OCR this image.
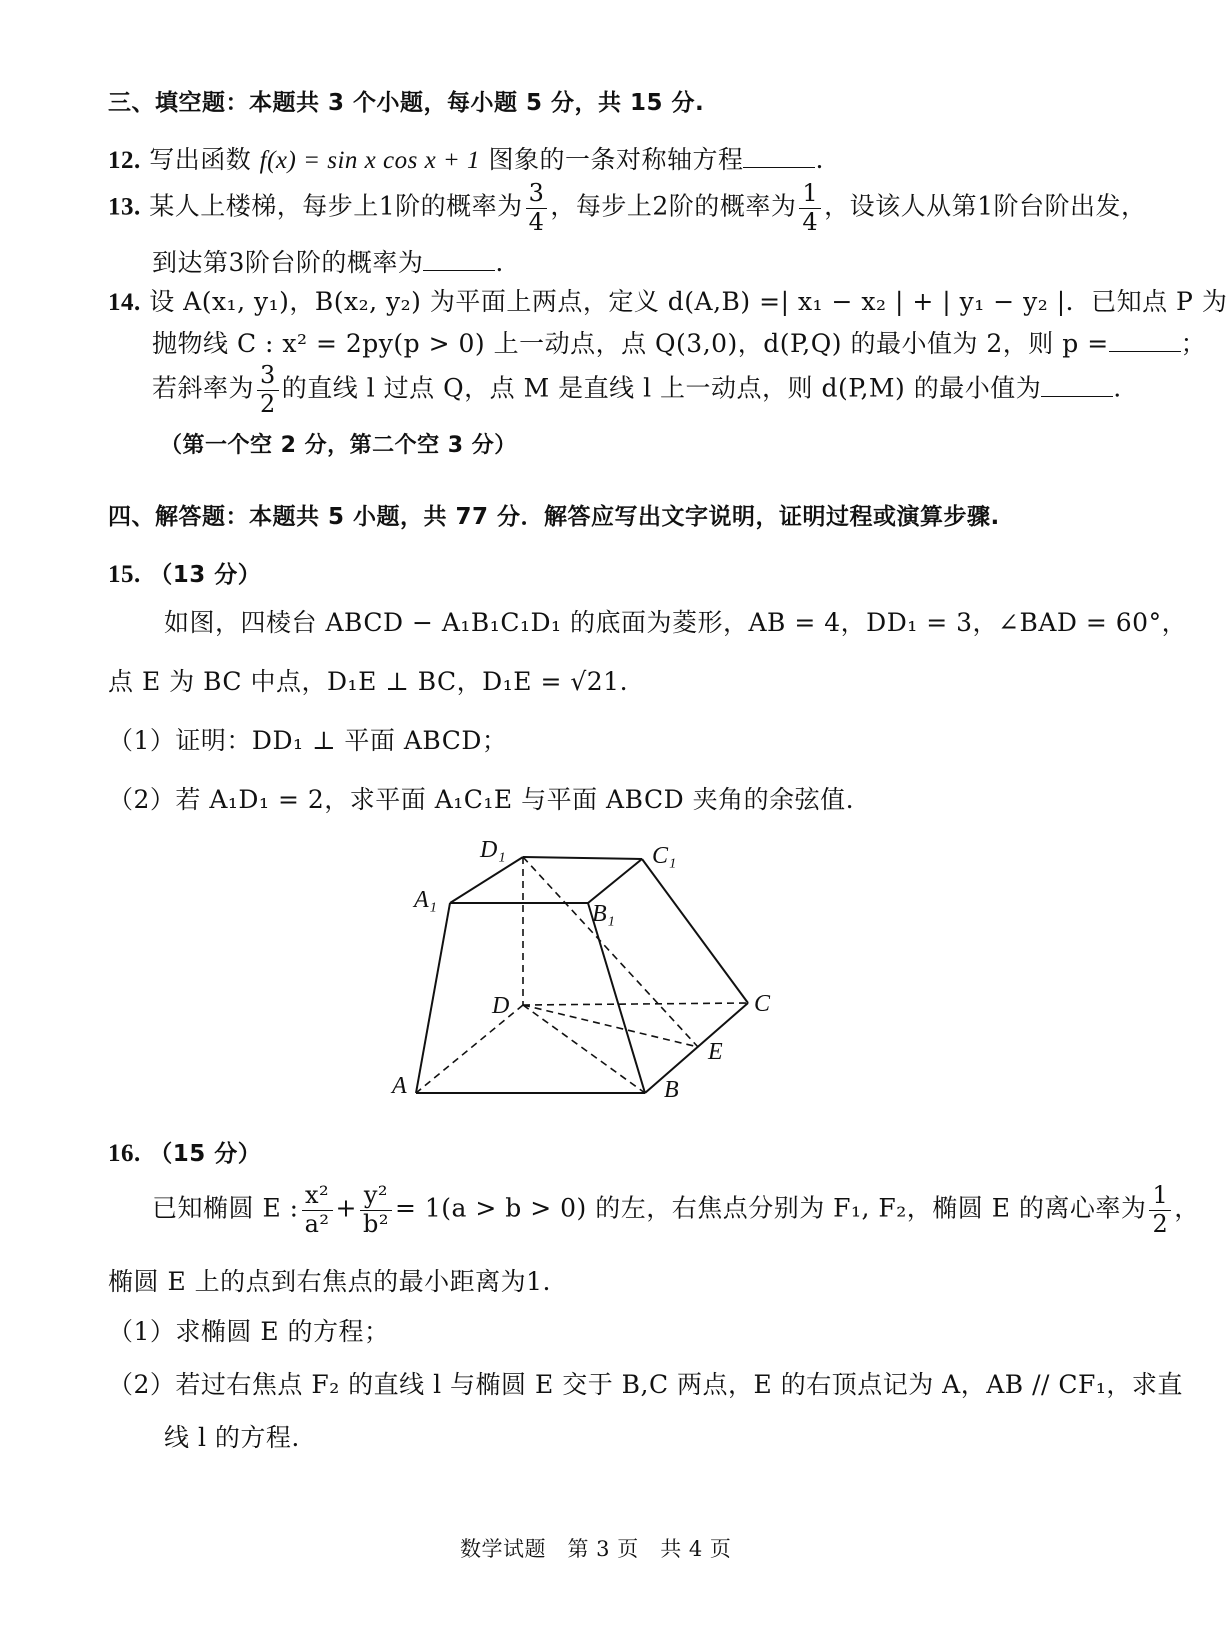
三、填空题：本题共 3 个小题，每小题 5 分，共 15 分.
12. 写出函数 f(x) = sin x cos x + 1 图象的一条对称轴方程	.
13. 某人上楼梯，每步上1阶的概率为 $\frac{3}{4}$ ，每步上2阶的概率为 $\frac{1}{4}$ ，设该人从第1阶台阶出发，
到达第3阶台阶的概率为	.
14. 设 A(x₁, y₁)，B(x₂, y₂) 为平面上两点，定义 d(A,B) =| x₁ − x₂ | + | y₁ − y₂ |．已知点 P 为
抛物线 C : x² = 2py(p > 0) 上一动点，点 Q(3,0)，d(P,Q) 的最小值为 2，则 p =	；
若斜率为 $\frac{3}{2}$ 的直线 l 过点 Q，点 M 是直线 l 上一动点，则 d(P,M) 的最小值为	.
（第一个空 2 分，第二个空 3 分）
四、解答题：本题共 5 小题，共 77 分．解答应写出文字说明，证明过程或演算步骤.
15. （13 分）
如图，四棱台 ABCD − A₁B₁C₁D₁ 的底面为菱形，AB = 4，DD₁ = 3，∠BAD = 60°，
点 E 为 BC 中点，D₁E ⊥ BC，D₁E = √21.
（1）证明：DD₁ ⊥ 平面 ABCD；
（2）若 A₁D₁ = 2，求平面 A₁C₁E 与平面 ABCD 夹角的余弦值.
D₁	C₁
A₁
B₁
D	C
E
A	B
16. （15 分）
已知椭圆 E : $\frac{\text{x²}}{\text{a²}} + \frac{\text{y²}}{\text{b²}} = 1(a > b > 0)$ 的左，右焦点分别为 F₁, F₂，椭圆 E 的离心率为 $\frac{1}{2}$ ，
椭圆 E 上的点到右焦点的最小距离为1.
（1）求椭圆 E 的方程；
（2）若过右焦点 F₂ 的直线 l 与椭圆 E 交于 B,C 两点，E 的右顶点记为 A，AB // CF₁，求直
线 l 的方程.
数学试题　第 3 页　共 4 页
